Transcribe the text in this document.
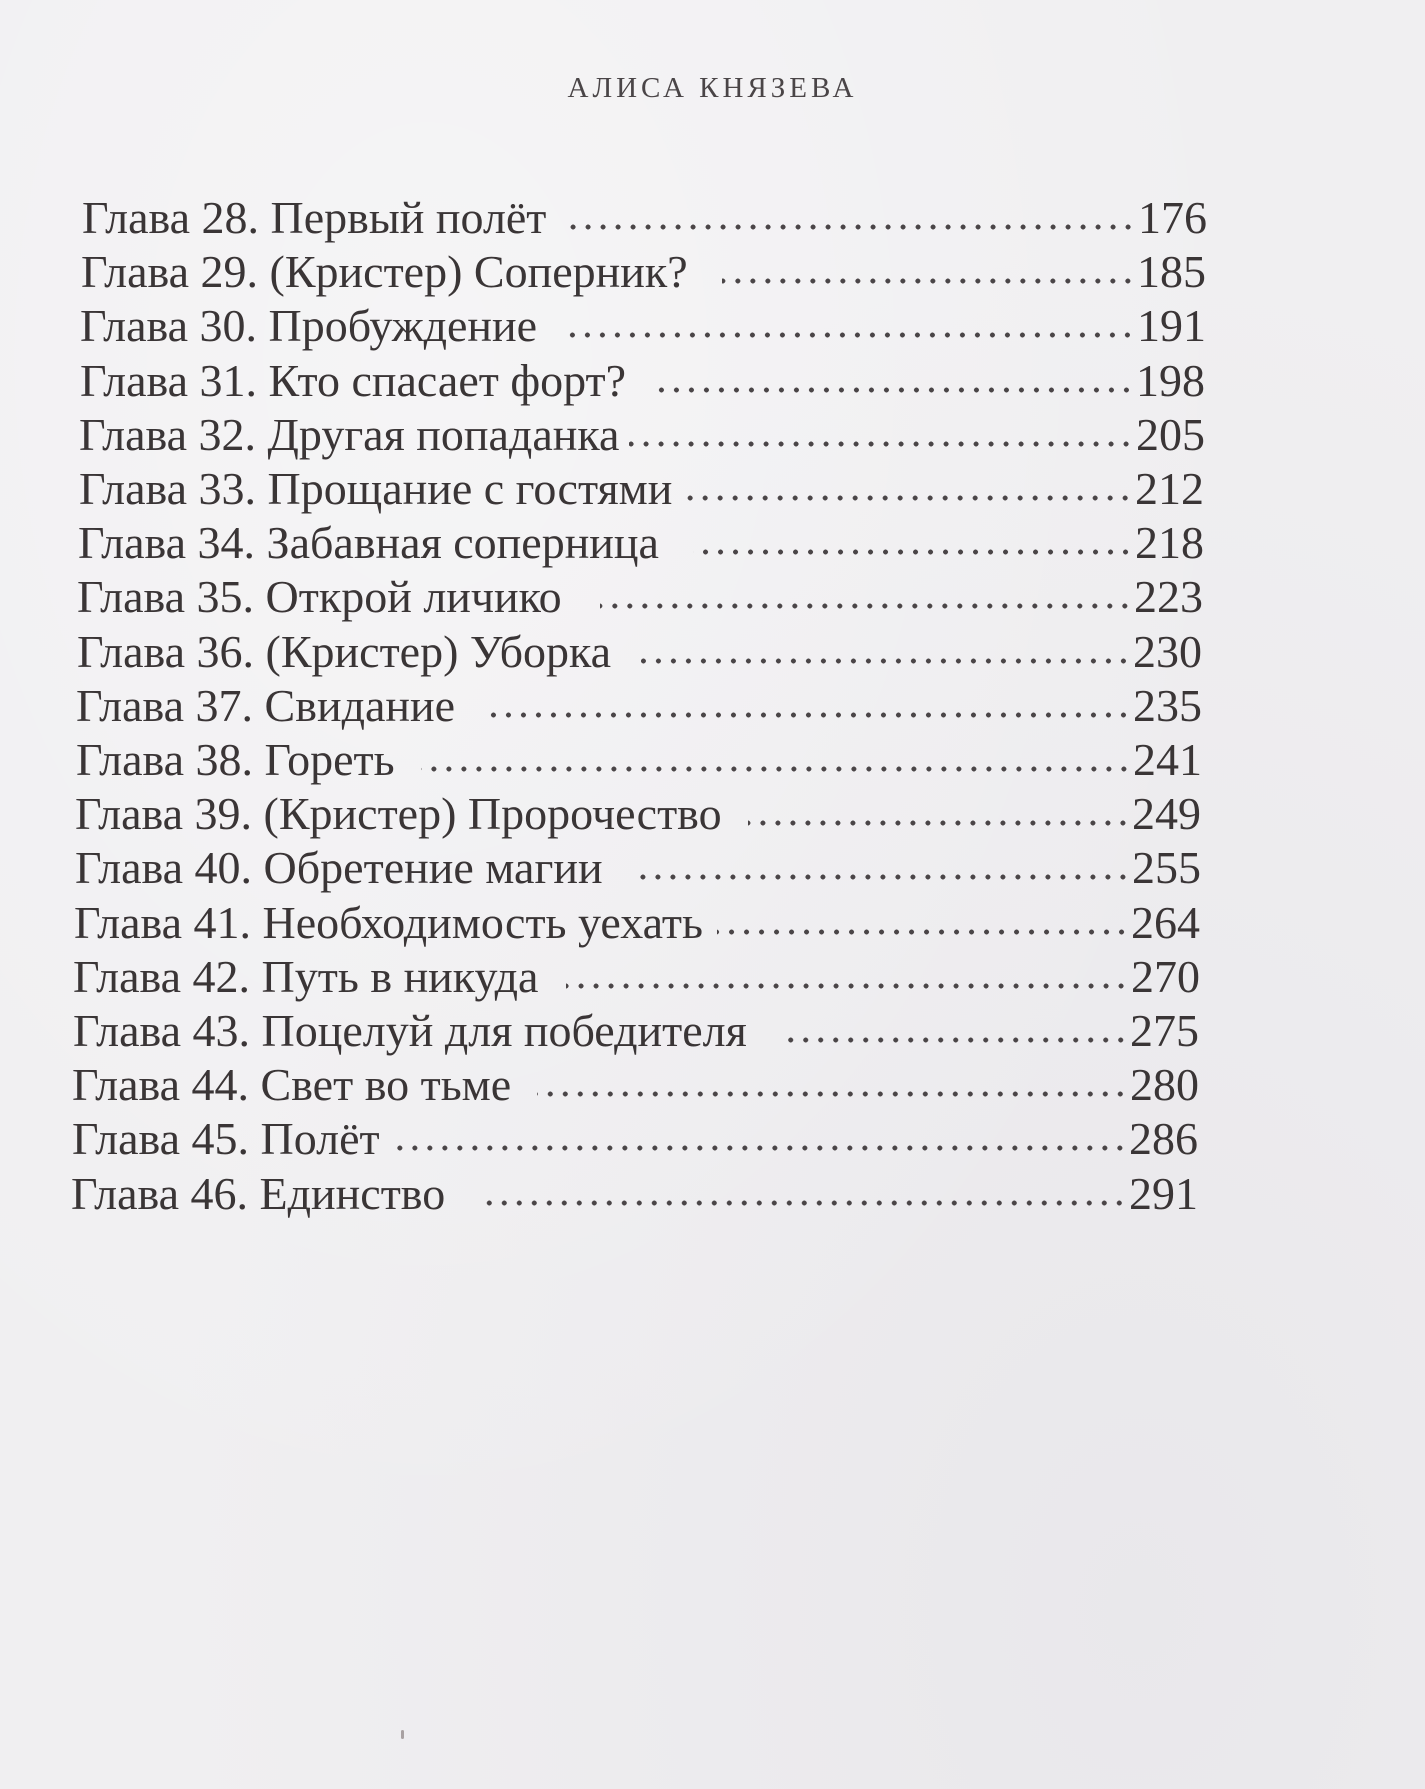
АЛИСА КНЯЗЕВА
Глава 28. Первый полёт	176
Глава 29. (Кристер) Соперник?	185
Глава 30. Пробуждение	191
Глава 31. Кто спасает форт?	198
Глава 32. Другая попаданка	205
Глава 33. Прощание с гостями	212
Глава 34. Забавная соперница	218
Глава 35. Открой личико	223
Глава 36. (Кристер) Уборка	230
Глава 37. Свидание	235
Глава 38. Гореть	241
Глава 39. (Кристер) Пророчество	249
Глава 40. Обретение магии	255
Глава 41. Необходимость уехать	264
Глава 42. Путь в никуда	270
Глава 43. Поцелуй для победителя	275
Глава 44. Свет во тьме	280
Глава 45. Полёт	286
Глава 46. Единство	291
